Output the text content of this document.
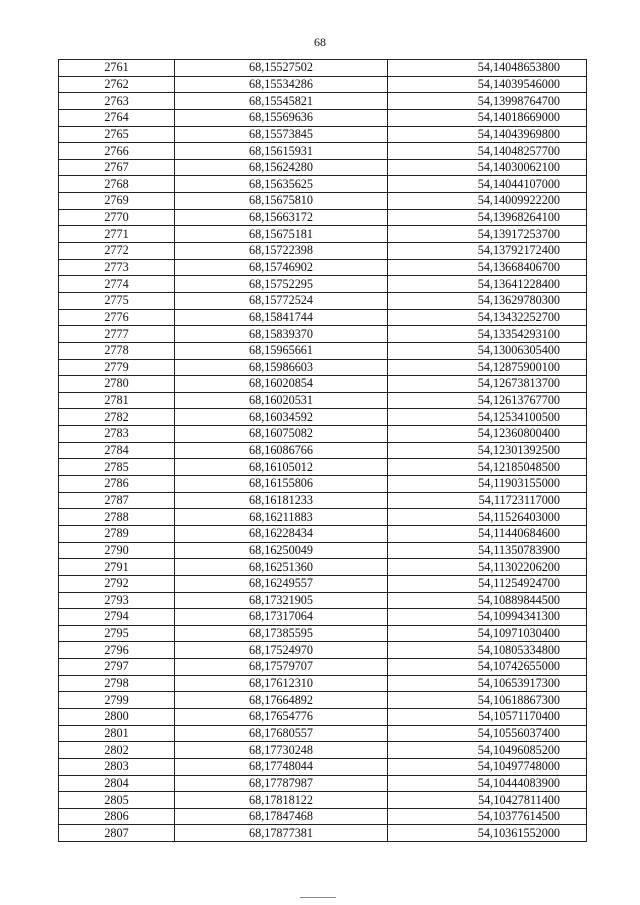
68
2761	68,15527502	54,14048653800
2762	68,15534286	54,14039546000
2763	68,15545821	54,13998764700
2764	68,15569636	54,14018669000
2765	68,15573845	54,14043969800
2766	68,15615931	54,14048257700
2767	68,15624280	54,14030062100
2768	68,15635625	54,14044107000
2769	68,15675810	54,14009922200
2770	68,15663172	54,13968264100
2771	68,15675181	54,13917253700
2772	68,15722398	54,13792172400
2773	68,15746902	54,13668406700
2774	68,15752295	54,13641228400
2775	68,15772524	54,13629780300
2776	68,15841744	54,13432252700
2777	68,15839370	54,13354293100
2778	68,15965661	54,13006305400
2779	68,15986603	54,12875900100
2780	68,16020854	54,12673813700
2781	68,16020531	54,12613767700
2782	68,16034592	54,12534100500
2783	68,16075082	54,12360800400
2784	68,16086766	54,12301392500
2785	68,16105012	54,12185048500
2786	68,16155806	54,11903155000
2787	68,16181233	54,11723117000
2788	68,16211883	54,11526403000
2789	68,16228434	54,11440684600
2790	68,16250049	54,11350783900
2791	68,16251360	54,11302206200
2792	68,16249557	54,11254924700
2793	68,17321905	54,10889844500
2794	68,17317064	54,10994341300
2795	68,17385595	54,10971030400
2796	68,17524970	54,10805334800
2797	68,17579707	54,10742655000
2798	68,17612310	54,10653917300
2799	68,17664892	54,10618867300
2800	68,17654776	54,10571170400
2801	68,17680557	54,10556037400
2802	68,17730248	54,10496085200
2803	68,17748044	54,10497748000
2804	68,17787987	54,10444083900
2805	68,17818122	54,10427811400
2806	68,17847468	54,10377614500
2807	68,17877381	54,10361552000
